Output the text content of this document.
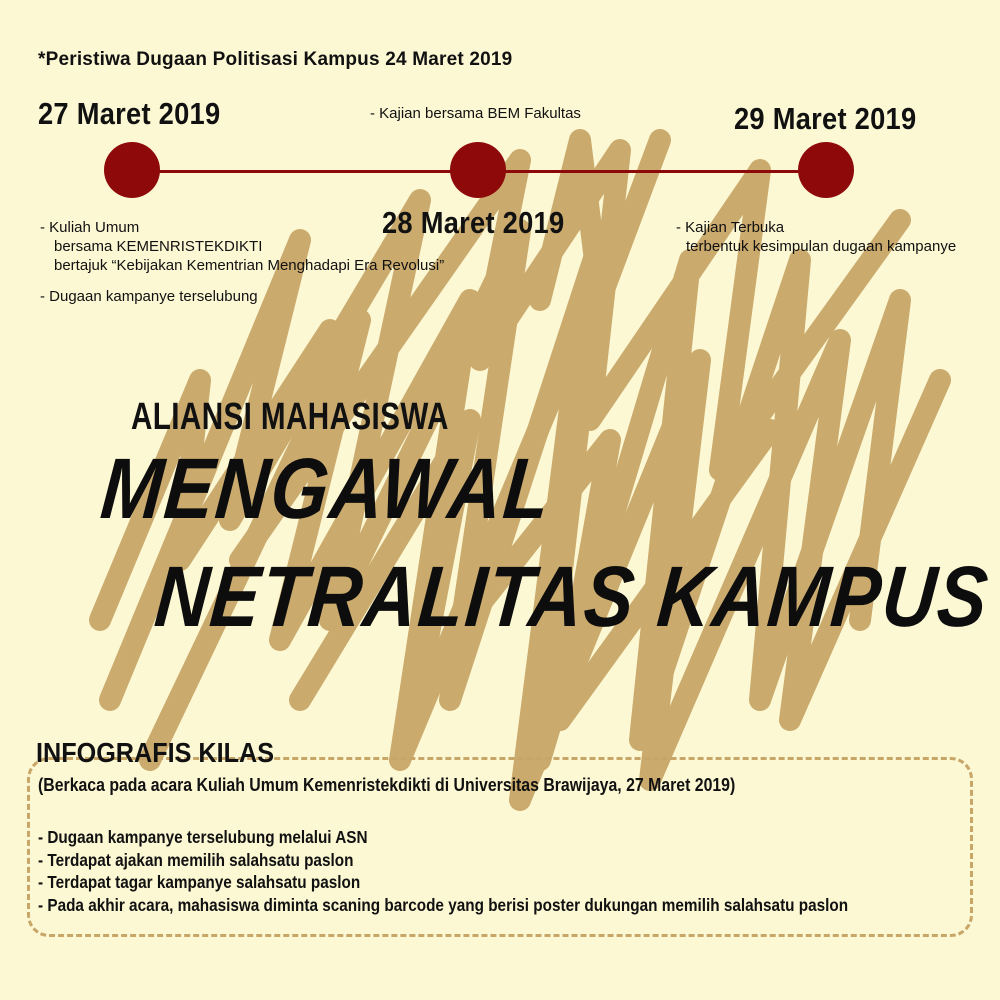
*Peristiwa Dugaan Politisasi Kampus 24 Maret 2019
27 Maret 2019
28 Maret 2019
29 Maret 2019
- Kajian bersama BEM Fakultas
- Kuliah Umum
bersama KEMENRISTEKDIKTI
bertajuk “Kebijakan Kementrian Menghadapi Era Revolusi”
- Dugaan kampanye terselubung
- Kajian Terbuka
terbentuk kesimpulan dugaan kampanye
ALIANSI MAHASISWA
MENGAWAL
NETRALITAS KAMPUS
INFOGRAFIS KILAS
(Berkaca pada acara Kuliah Umum Kemenristekdikti di Universitas Brawijaya, 27 Maret 2019)
- Dugaan kampanye terselubung melalui ASN
- Terdapat ajakan memilih salahsatu paslon
- Terdapat tagar kampanye salahsatu paslon
- Pada akhir acara, mahasiswa diminta scaning barcode yang berisi poster dukungan memilih salahsatu paslon
